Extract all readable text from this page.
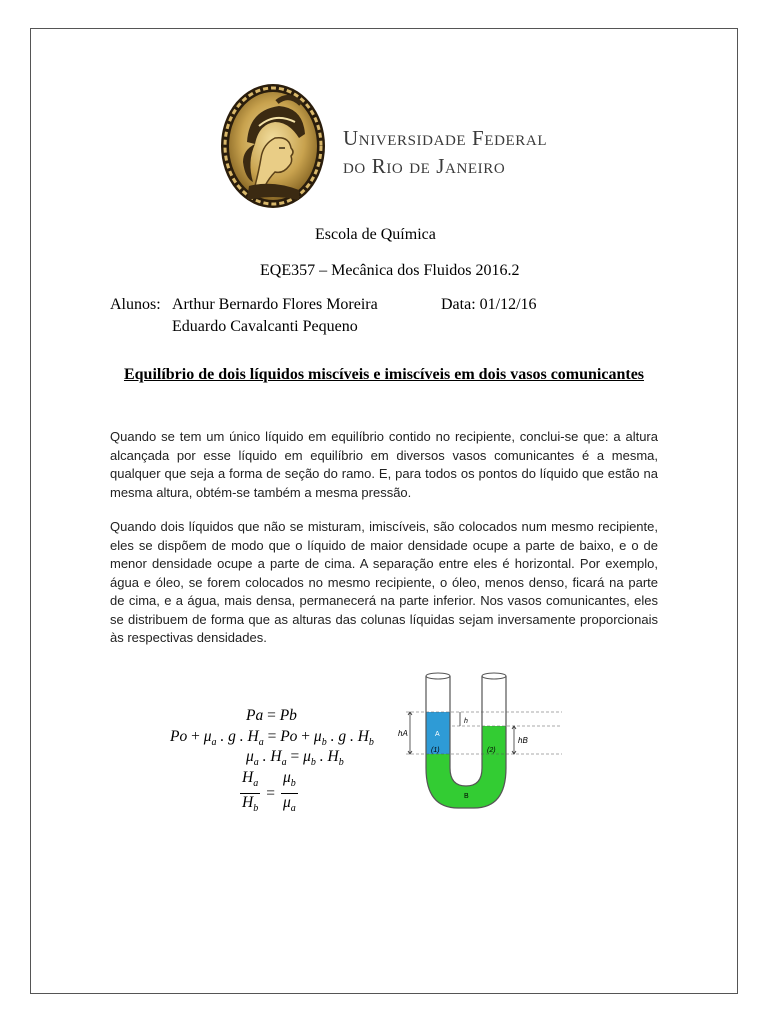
Universidade Federal
do Rio de Janeiro
Escola de Química
EQE357 – Mecânica dos Fluidos 2016.2
Alunos: Arthur Bernardo Flores Moreira
Eduardo Cavalcanti Pequeno
Data: 01/12/16
Equilíbrio de dois líquidos miscíveis e imiscíveis em dois vasos comunicantes

Quando se tem um único líquido em equilíbrio contido no recipiente, conclui-se que: a altura alcançada por esse líquido em equilíbrio em diversos vasos comunicantes é a mesma, qualquer que seja a forma de seção do ramo. E, para todos os pontos do líquido que estão na mesma altura, obtém-se também a mesma pressão.

Quando dois líquidos que não se misturam, imiscíveis, são colocados num mesmo recipiente, eles se dispõem de modo que o líquido de maior densidade ocupe a parte de baixo, e o de menor densidade ocupe a parte de cima. A separação entre eles é horizontal. Por exemplo, água e óleo, se forem colocados no mesmo recipiente, o óleo, menos denso, ficará na parte de cima, e a água, mais densa, permanecerá na parte inferior. Nos vasos comunicantes, eles se distribuem de forma que as alturas das colunas líquidas sejam inversamente proporcionais às respectivas densidades.

Pa = Pb
$Po + \mu_a$ . g . $H_a = Po + \mu_b$ . g . $H_b$
$\mu_a$ . $H_a = \mu_b$ . $H_b$
$\frac{H_a}{H_b} = \frac{\mu_b}{\mu_a}$
hA
hB
h
A
B
(1)	(2)
